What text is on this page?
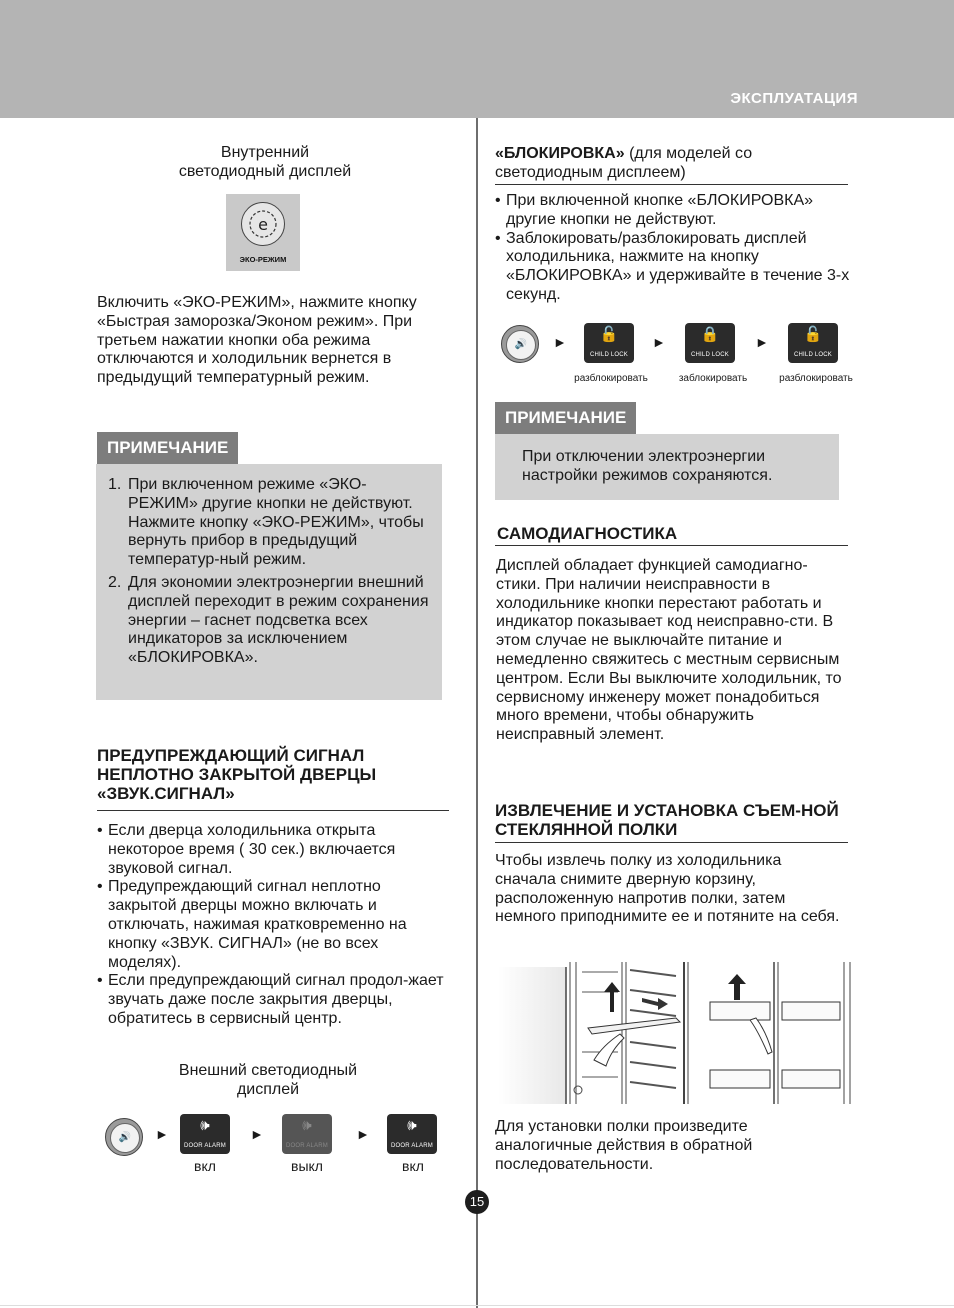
ЭКСПЛУАТАЦИЯ

Внутренний
светодиодный дисплей

e
ЭКО-РЕЖИМ

Включить «ЭКО-РЕЖИМ», нажмите кнопку «Быстрая заморозка/Эконом режим». При третьем нажатии кнопки оба режима отключаются и холодильник вернется в предыдущий температурный режим.

ПРИМЕЧАНИЕ
1. При включенном режиме «ЭКО-РЕЖИМ» другие кнопки не действуют. Нажмите кнопку «ЭКО-РЕЖИМ», чтобы вернуть прибор в предыдущий температур-ный режим.
2. Для экономии электроэнергии внешний дисплей переходит в режим сохранения энергии – гаснет подсветка всех индикаторов за исключением «БЛОКИРОВКА».
ПРЕДУПРЕЖДАЮЩИЙ СИГНАЛ НЕПЛОТНО ЗАКРЫТОЙ ДВЕРЦЫ «ЗВУК.СИГНАЛ»
• Если дверца холодильника открыта некоторое время ( 30 сек.) включается звуковой сигнал.
• Предупреждающий сигнал неплотно закрытой дверцы можно включать и отключать, нажимая кратковременно на кнопку «ЗВУК. СИГНАЛ» (не во всех моделях).
• Если предупреждающий сигнал продол-жает звучать даже после закрытия дверцы, обратитесь в сервисный центр.

Внешний светодиодный
дисплей

🔊	►	🕪
DOOR ALARM
►	🕪
DOOR ALARM
►	🕪
DOOR ALARM
вкл	выкл	вкл

«БЛОКИРОВКА» (для моделей со светодиодным дисплеем)

• При включенной кнопке «БЛОКИРОВКА» другие кнопки не действуют.
• Заблокировать/разблокировать дисплей холодильника, нажмите на кнопку «БЛОКИРОВКА» и удерживайте в течение 3-х секунд.
🔊	►	🔓
CHILD LOCK
►	🔒
CHILD LOCK
►	🔓
CHILD LOCK
разблокировать	заблокировать	разблокировать
ПРИМЕЧАНИЕ

При отключении электроэнергии настройки режимов сохраняются.

САМОДИАГНОСТИКА

Дисплей обладает функцией самодиагно-стики. При наличии неисправности в холодильнике кнопки перестают работать и индикатор показывает код неисправно-сти. В этом случае не выключайте питание и немедленно свяжитесь с местным сервисным центром. Если Вы выключите холодильник, то сервисному инженеру может понадобиться много времени, чтобы обнаружить неисправный элемент.

ИЗВЛЕЧЕНИЕ И УСТАНОВКА СЪЕМ-НОЙ СТЕКЛЯННОЙ ПОЛКИ

Чтобы извлечь полку из холодильника сначала снимите дверную корзину, расположенную напротив полки, затем немного приподнимите ее и потяните на себя.

Для установки полки произведите аналогичные действия в обратной последовательности.

15
